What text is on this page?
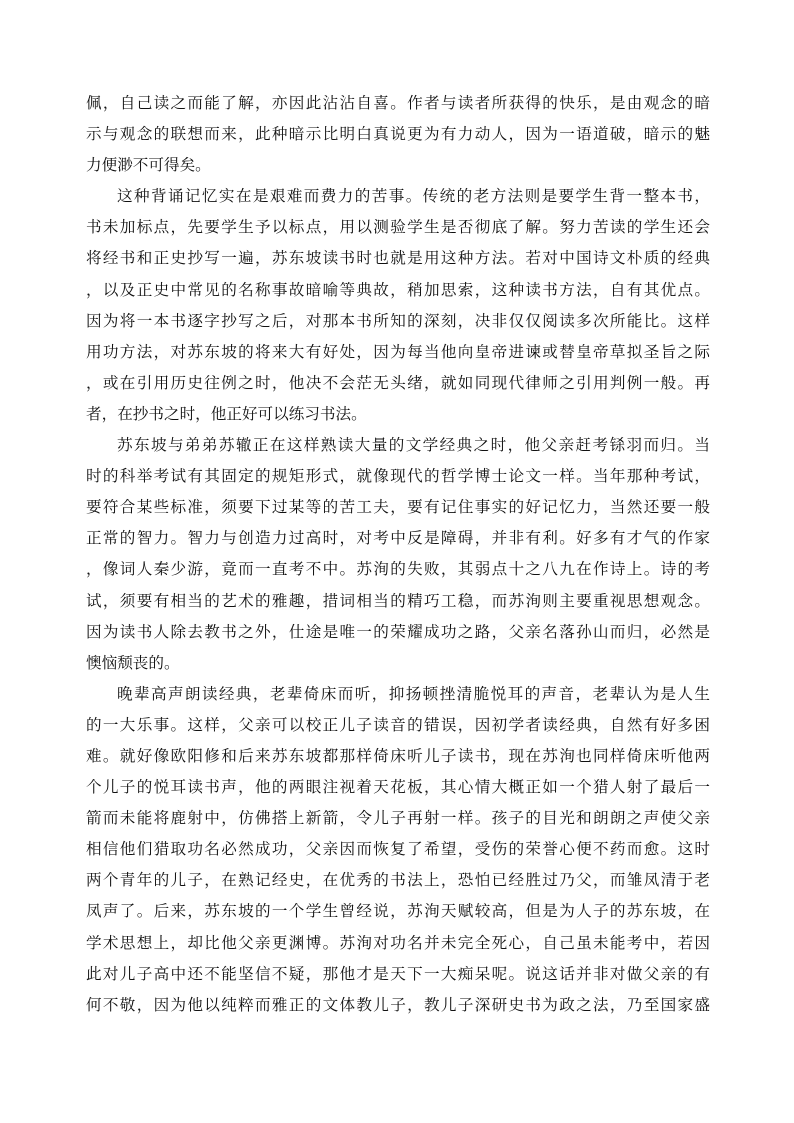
佩，自己读之而能了解，亦因此沾沾自喜。作者与读者所获得的快乐，是由观念的暗
示与观念的联想而来，此种暗示比明白真说更为有力动人，因为一语道破，暗示的魅
力便渺不可得矣。
这种背诵记忆实在是艰难而费力的苦事。传统的老方法则是要学生背一整本书，
书未加标点，先要学生予以标点，用以测验学生是否彻底了解。努力苦读的学生还会
将经书和正史抄写一遍，苏东坡读书时也就是用这种方法。若对中国诗文朴质的经典
，以及正史中常见的名称事故暗喻等典故，稍加思索，这种读书方法，自有其优点。
因为将一本书逐字抄写之后，对那本书所知的深刻，决非仅仅阅读多次所能比。这样
用功方法，对苏东坡的将来大有好处，因为每当他向皇帝进谏或替皇帝草拟圣旨之际
，或在引用历史往例之时，他决不会茫无头绪，就如同现代律师之引用判例一般。再
者，在抄书之时，他正好可以练习书法。
苏东坡与弟弟苏辙正在这样熟读大量的文学经典之时，他父亲赶考铩羽而归。当
时的科举考试有其固定的规矩形式，就像现代的哲学博士论文一样。当年那种考试，
要符合某些标准，须要下过某等的苦工夫，要有记住事实的好记忆力，当然还要一般
正常的智力。智力与创造力过高时，对考中反是障碍，并非有利。好多有才气的作家
，像词人秦少游，竟而一直考不中。苏洵的失败，其弱点十之八九在作诗上。诗的考
试，须要有相当的艺术的雅趣，措词相当的精巧工稳，而苏洵则主要重视思想观念。
因为读书人除去教书之外，仕途是唯一的荣耀成功之路，父亲名落孙山而归，必然是
懊恼颓丧的。
晚辈高声朗读经典，老辈倚床而听，抑扬顿挫清脆悦耳的声音，老辈认为是人生
的一大乐事。这样，父亲可以校正儿子读音的错误，因初学者读经典，自然有好多困
难。就好像欧阳修和后来苏东坡都那样倚床听儿子读书，现在苏洵也同样倚床听他两
个儿子的悦耳读书声，他的两眼注视着天花板，其心情大概正如一个猎人射了最后一
箭而未能将鹿射中，仿佛搭上新箭，令儿子再射一样。孩子的目光和朗朗之声使父亲
相信他们猎取功名必然成功，父亲因而恢复了希望，受伤的荣誉心便不药而愈。这时
两个青年的儿子，在熟记经史，在优秀的书法上，恐怕已经胜过乃父，而雏凤清于老
凤声了。后来，苏东坡的一个学生曾经说，苏洵天赋较高，但是为人子的苏东坡，在
学术思想上，却比他父亲更渊博。苏洵对功名并未完全死心，自己虽未能考中，若因
此对儿子高中还不能坚信不疑，那他才是天下一大痴呆呢。说这话并非对做父亲的有
何不敬，因为他以纯粹而雅正的文体教儿子，教儿子深研史书为政之法，乃至国家盛
